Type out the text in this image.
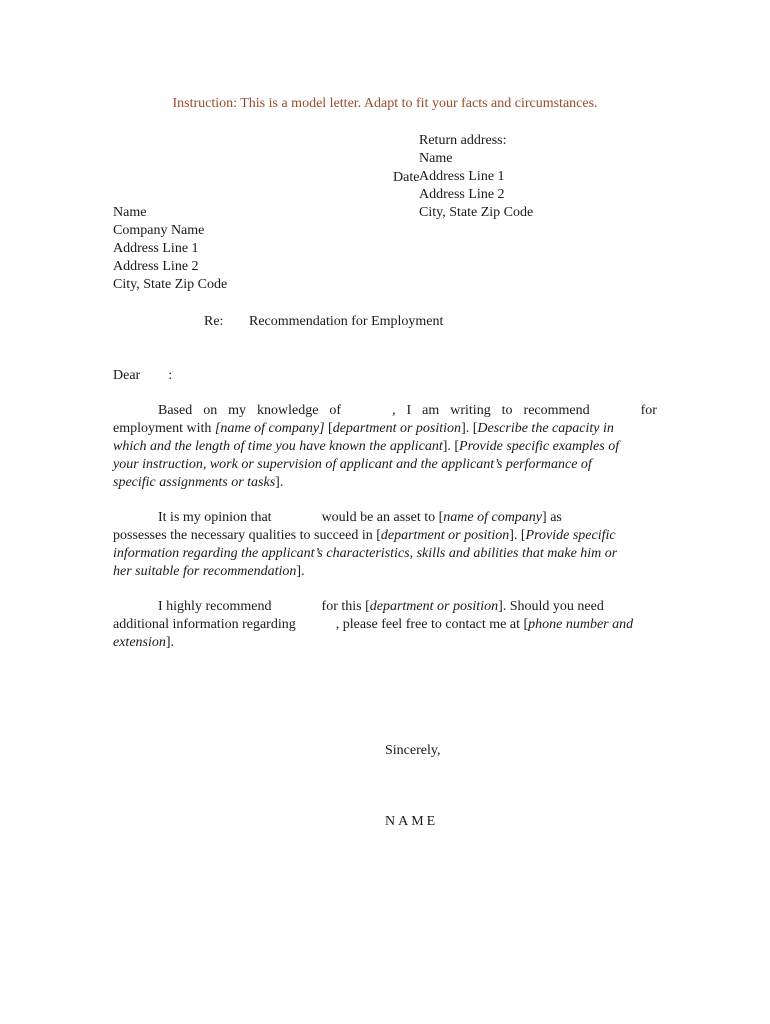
Instruction: This is a model letter. Adapt to fit your facts and circumstances.
Return address:
Name
Address Line 1
Address Line 2
City, State Zip Code
Date
Name
Company Name
Address Line 1
Address Line 2
City, State Zip Code
Re: Recommendation for Employment
Dear        :
Based on my knowledge of	, I am writing to recommend	for
employment with [name of company] [department or position]. [Describe the capacity in
which and the length of time you have known the applicant]. [Provide specific examples of
your instruction, work or supervision of applicant and the applicant’s performance of
specific assignments or tasks].
It is my opinion that	would be an asset to [name of company] as
possesses the necessary qualities to succeed in [department or position]. [Provide specific
information regarding the applicant’s characteristics, skills and abilities that make him or
her suitable for recommendation].
I highly recommend	for this [department or position]. Should you need
additional information regarding	, please feel free to contact me at [phone number and
extension].
Sincerely,
NAME
